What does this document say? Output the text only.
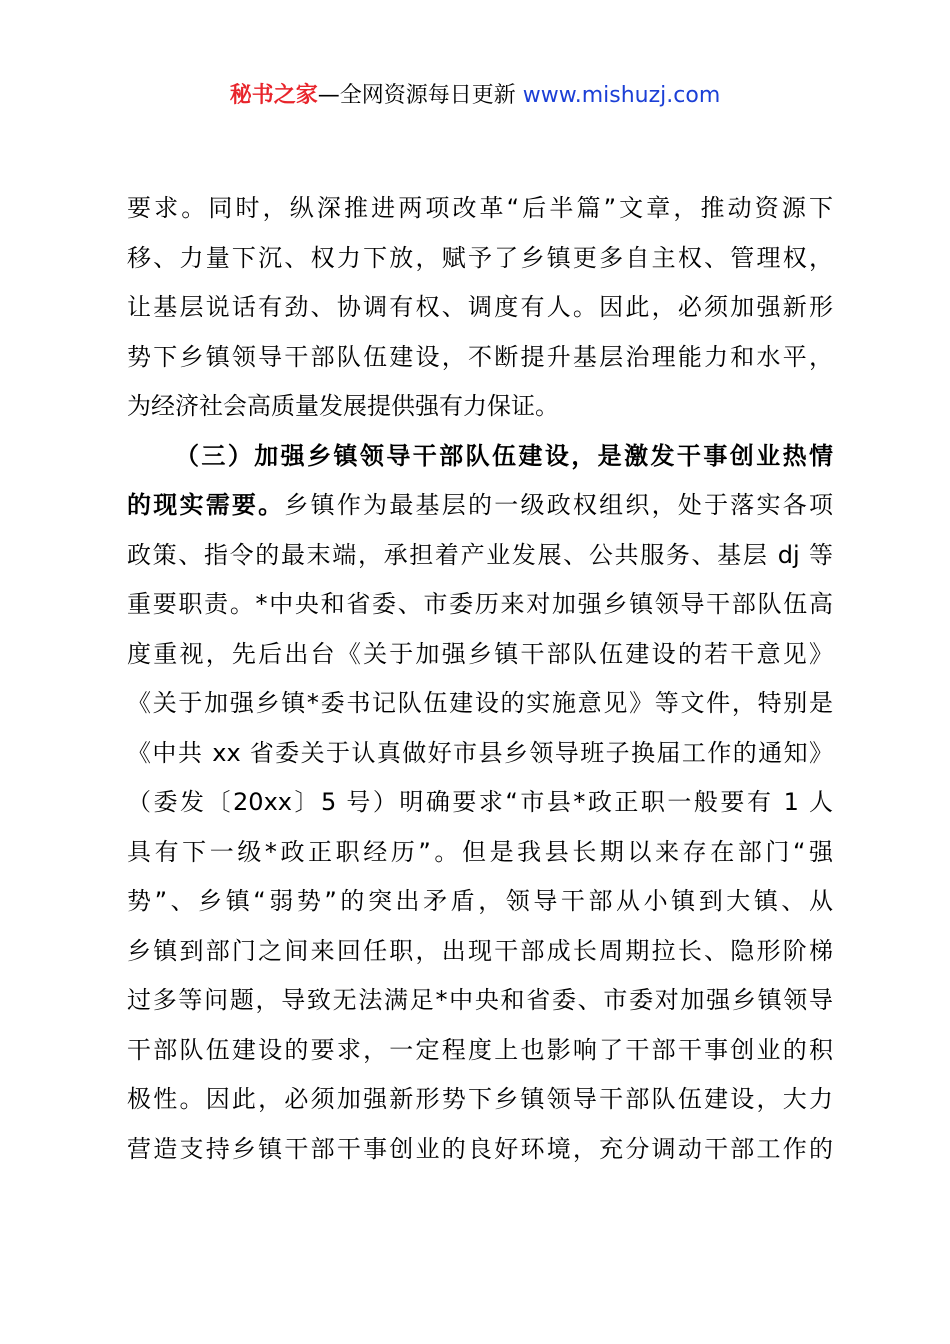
秘书之家—全网资源每日更新 www.mishuzj.com
要求。同时，纵深推进两项改革“后半篇”文章，推动资源下
移、力量下沉、权力下放，赋予了乡镇更多自主权、管理权，
让基层说话有劲、协调有权、调度有人。因此，必须加强新形
势下乡镇领导干部队伍建设，不断提升基层治理能力和水平，
为经济社会高质量发展提供强有力保证。
（三）加强乡镇领导干部队伍建设，是激发干事创业热情
的现实需要。乡镇作为最基层的一级政权组织，处于落实各项
政策、指令的最末端，承担着产业发展、公共服务、基层 dj 等
重要职责。*中央和省委、市委历来对加强乡镇领导干部队伍高
度重视，先后出台《关于加强乡镇干部队伍建设的若干意见》
《关于加强乡镇*委书记队伍建设的实施意见》等文件，特别是
《中共 xx 省委关于认真做好市县乡领导班子换届工作的通知》
（委发〔20xx〕5 号）明确要求“市县*政正职一般要有 1 人
具有下一级*政正职经历”。但是我县长期以来存在部门“强
势”、乡镇“弱势”的突出矛盾，领导干部从小镇到大镇、从
乡镇到部门之间来回任职，出现干部成长周期拉长、隐形阶梯
过多等问题，导致无法满足*中央和省委、市委对加强乡镇领导
干部队伍建设的要求，一定程度上也影响了干部干事创业的积
极性。因此，必须加强新形势下乡镇领导干部队伍建设，大力
营造支持乡镇干部干事创业的良好环境，充分调动干部工作的
